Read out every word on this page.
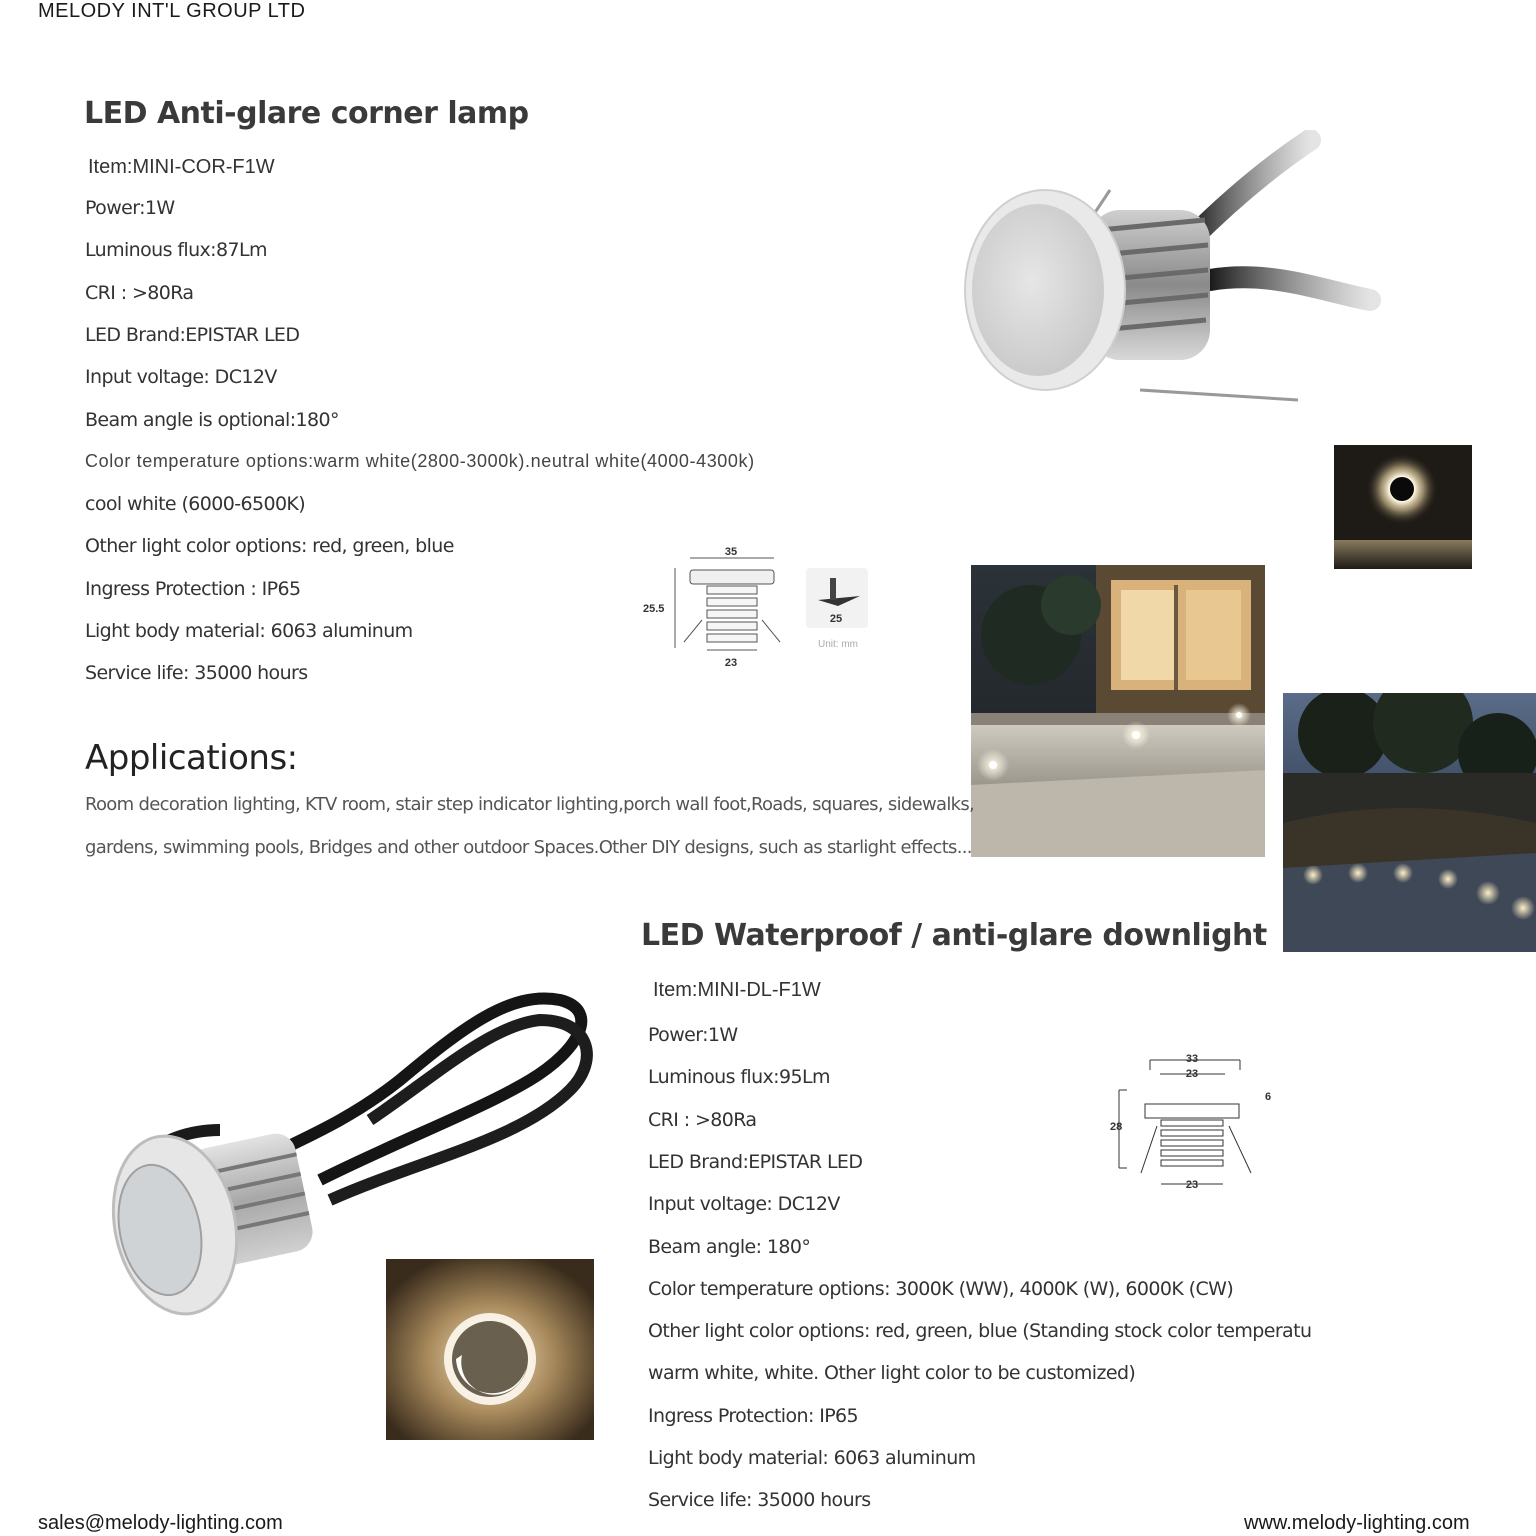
MELODY INT'L GROUP LTD
LED Anti-glare corner lamp
Item:MINI-COR-F1W
Power:1W
Luminous flux:87Lm
CRI : >80Ra
LED Brand:EPISTAR LED
Input voltage: DC12V
Beam angle is optional:180°
Color temperature options:warm white(2800-3000k).neutral white(4000-4300k)
cool white (6000-6500K)
Other light color options: red, green, blue
Ingress Protection : IP65
Light body material: 6063 aluminum
Service life: 35000 hours
35
25.5
23
25
Unit: mm
Applications:
Room decoration lighting, KTV room, stair step indicator lighting,porch wall foot,Roads, squares, sidewalks,
gardens, swimming pools, Bridges and other outdoor Spaces.Other DIY designs, such as starlight effects...
LED Waterproof / anti-glare downlight
Item:MINI-DL-F1W
Power:1W
Luminous flux:95Lm
CRI : >80Ra
LED Brand:EPISTAR LED
Input voltage: DC12V
Beam angle: 180°
Color temperature options: 3000K (WW), 4000K (W), 6000K (CW)
Other light color options: red, green, blue (Standing stock color temperatu
warm white, white. Other light color to be customized)
Ingress Protection: IP65
Light body material: 6063 aluminum
Service life: 35000 hours
33
23
28
6
23
sales@melody-lighting.com	www.melody-lighting.com
